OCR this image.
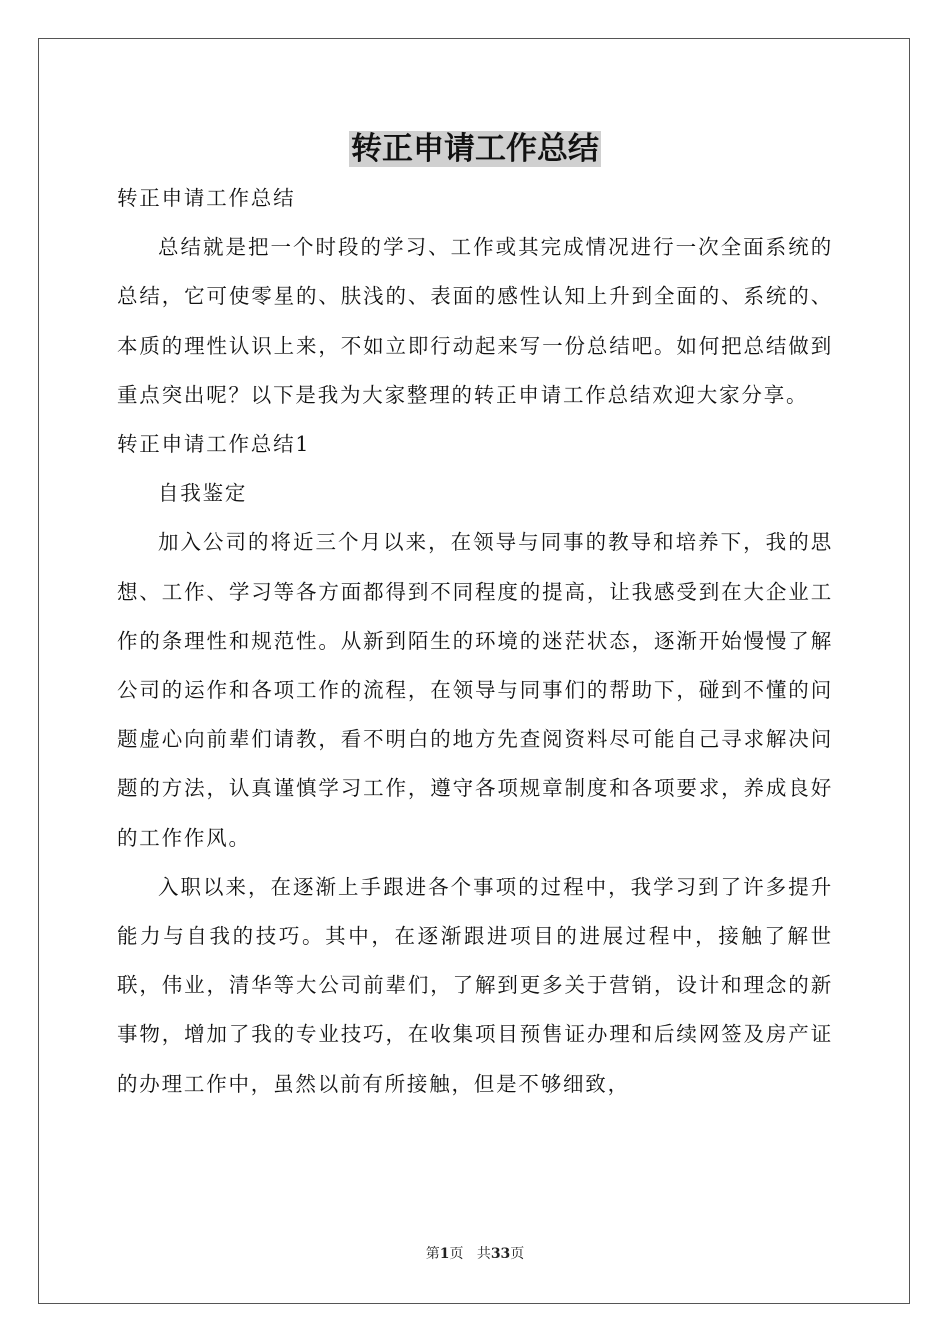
转正申请工作总结

转正申请工作总结

总结就是把一个时段的学习、工作或其完成情况进行一次全面系统的总结，它可使零星的、肤浅的、表面的感性认知上升到全面的、系统的、本质的理性认识上来，不如立即行动起来写一份总结吧。如何把总结做到重点突出呢？以下是我为大家整理的转正申请工作总结欢迎大家分享。

转正申请工作总结1

自我鉴定

加入公司的将近三个月以来，在领导与同事的教导和培养下，我的思想、工作、学习等各方面都得到不同程度的提高，让我感受到在大企业工作的条理性和规范性。从新到陌生的环境的迷茫状态，逐渐开始慢慢了解公司的运作和各项工作的流程，在领导与同事们的帮助下，碰到不懂的问题虚心向前辈们请教，看不明白的地方先查阅资料尽可能自己寻求解决问题的方法，认真谨慎学习工作，遵守各项规章制度和各项要求，养成良好的工作作风。

入职以来，在逐渐上手跟进各个事项的过程中，我学习到了许多提升能力与自我的技巧。其中，在逐渐跟进项目的进展过程中，接触了解世联，伟业，清华等大公司前辈们，了解到更多关于营销，设计和理念的新事物，增加了我的专业技巧，在收集项目预售证办理和后续网签及房产证的办理工作中，虽然以前有所接触，但是不够细致，

第1页 共33页
